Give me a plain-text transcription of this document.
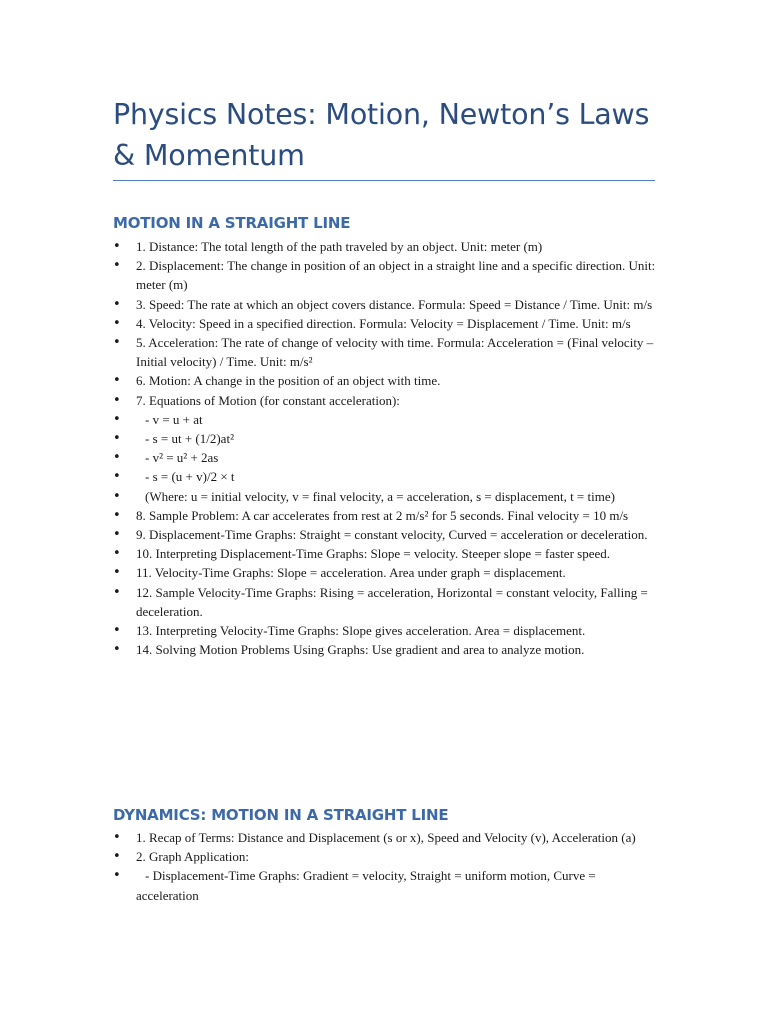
Physics Notes: Motion, Newton’s Laws & Momentum
MOTION IN A STRAIGHT LINE
• 1. Distance: The total length of the path traveled by an object. Unit: meter (m)
• 2. Displacement: The change in position of an object in a straight line and a specific direction. Unit: meter (m)
• 3. Speed: The rate at which an object covers distance. Formula: Speed = Distance / Time. Unit: m/s
• 4. Velocity: Speed in a specified direction. Formula: Velocity = Displacement / Time. Unit: m/s
• 5. Acceleration: The rate of change of velocity with time. Formula: Acceleration = (Final velocity – Initial velocity) / Time. Unit: m/s²
• 6. Motion: A change in the position of an object with time.
• 7. Equations of Motion (for constant acceleration):
• - v = u + at
• - s = ut + (1/2)at²
• - v² = u² + 2as
• - s = (u + v)/2 × t
• (Where: u = initial velocity, v = final velocity, a = acceleration, s = displacement, t = time)
• 8. Sample Problem: A car accelerates from rest at 2 m/s² for 5 seconds. Final velocity = 10 m/s
• 9. Displacement-Time Graphs: Straight = constant velocity, Curved = acceleration or deceleration.
• 10. Interpreting Displacement-Time Graphs: Slope = velocity. Steeper slope = faster speed.
• 11. Velocity-Time Graphs: Slope = acceleration. Area under graph = displacement.
• 12. Sample Velocity-Time Graphs: Rising = acceleration, Horizontal = constant velocity, Falling = deceleration.
• 13. Interpreting Velocity-Time Graphs: Slope gives acceleration. Area = displacement.
• 14. Solving Motion Problems Using Graphs: Use gradient and area to analyze motion.
DYNAMICS: MOTION IN A STRAIGHT LINE
• 1. Recap of Terms: Distance and Displacement (s or x), Speed and Velocity (v), Acceleration (a)
• 2. Graph Application:
• - Displacement-Time Graphs: Gradient = velocity, Straight = uniform motion, Curve = acceleration
